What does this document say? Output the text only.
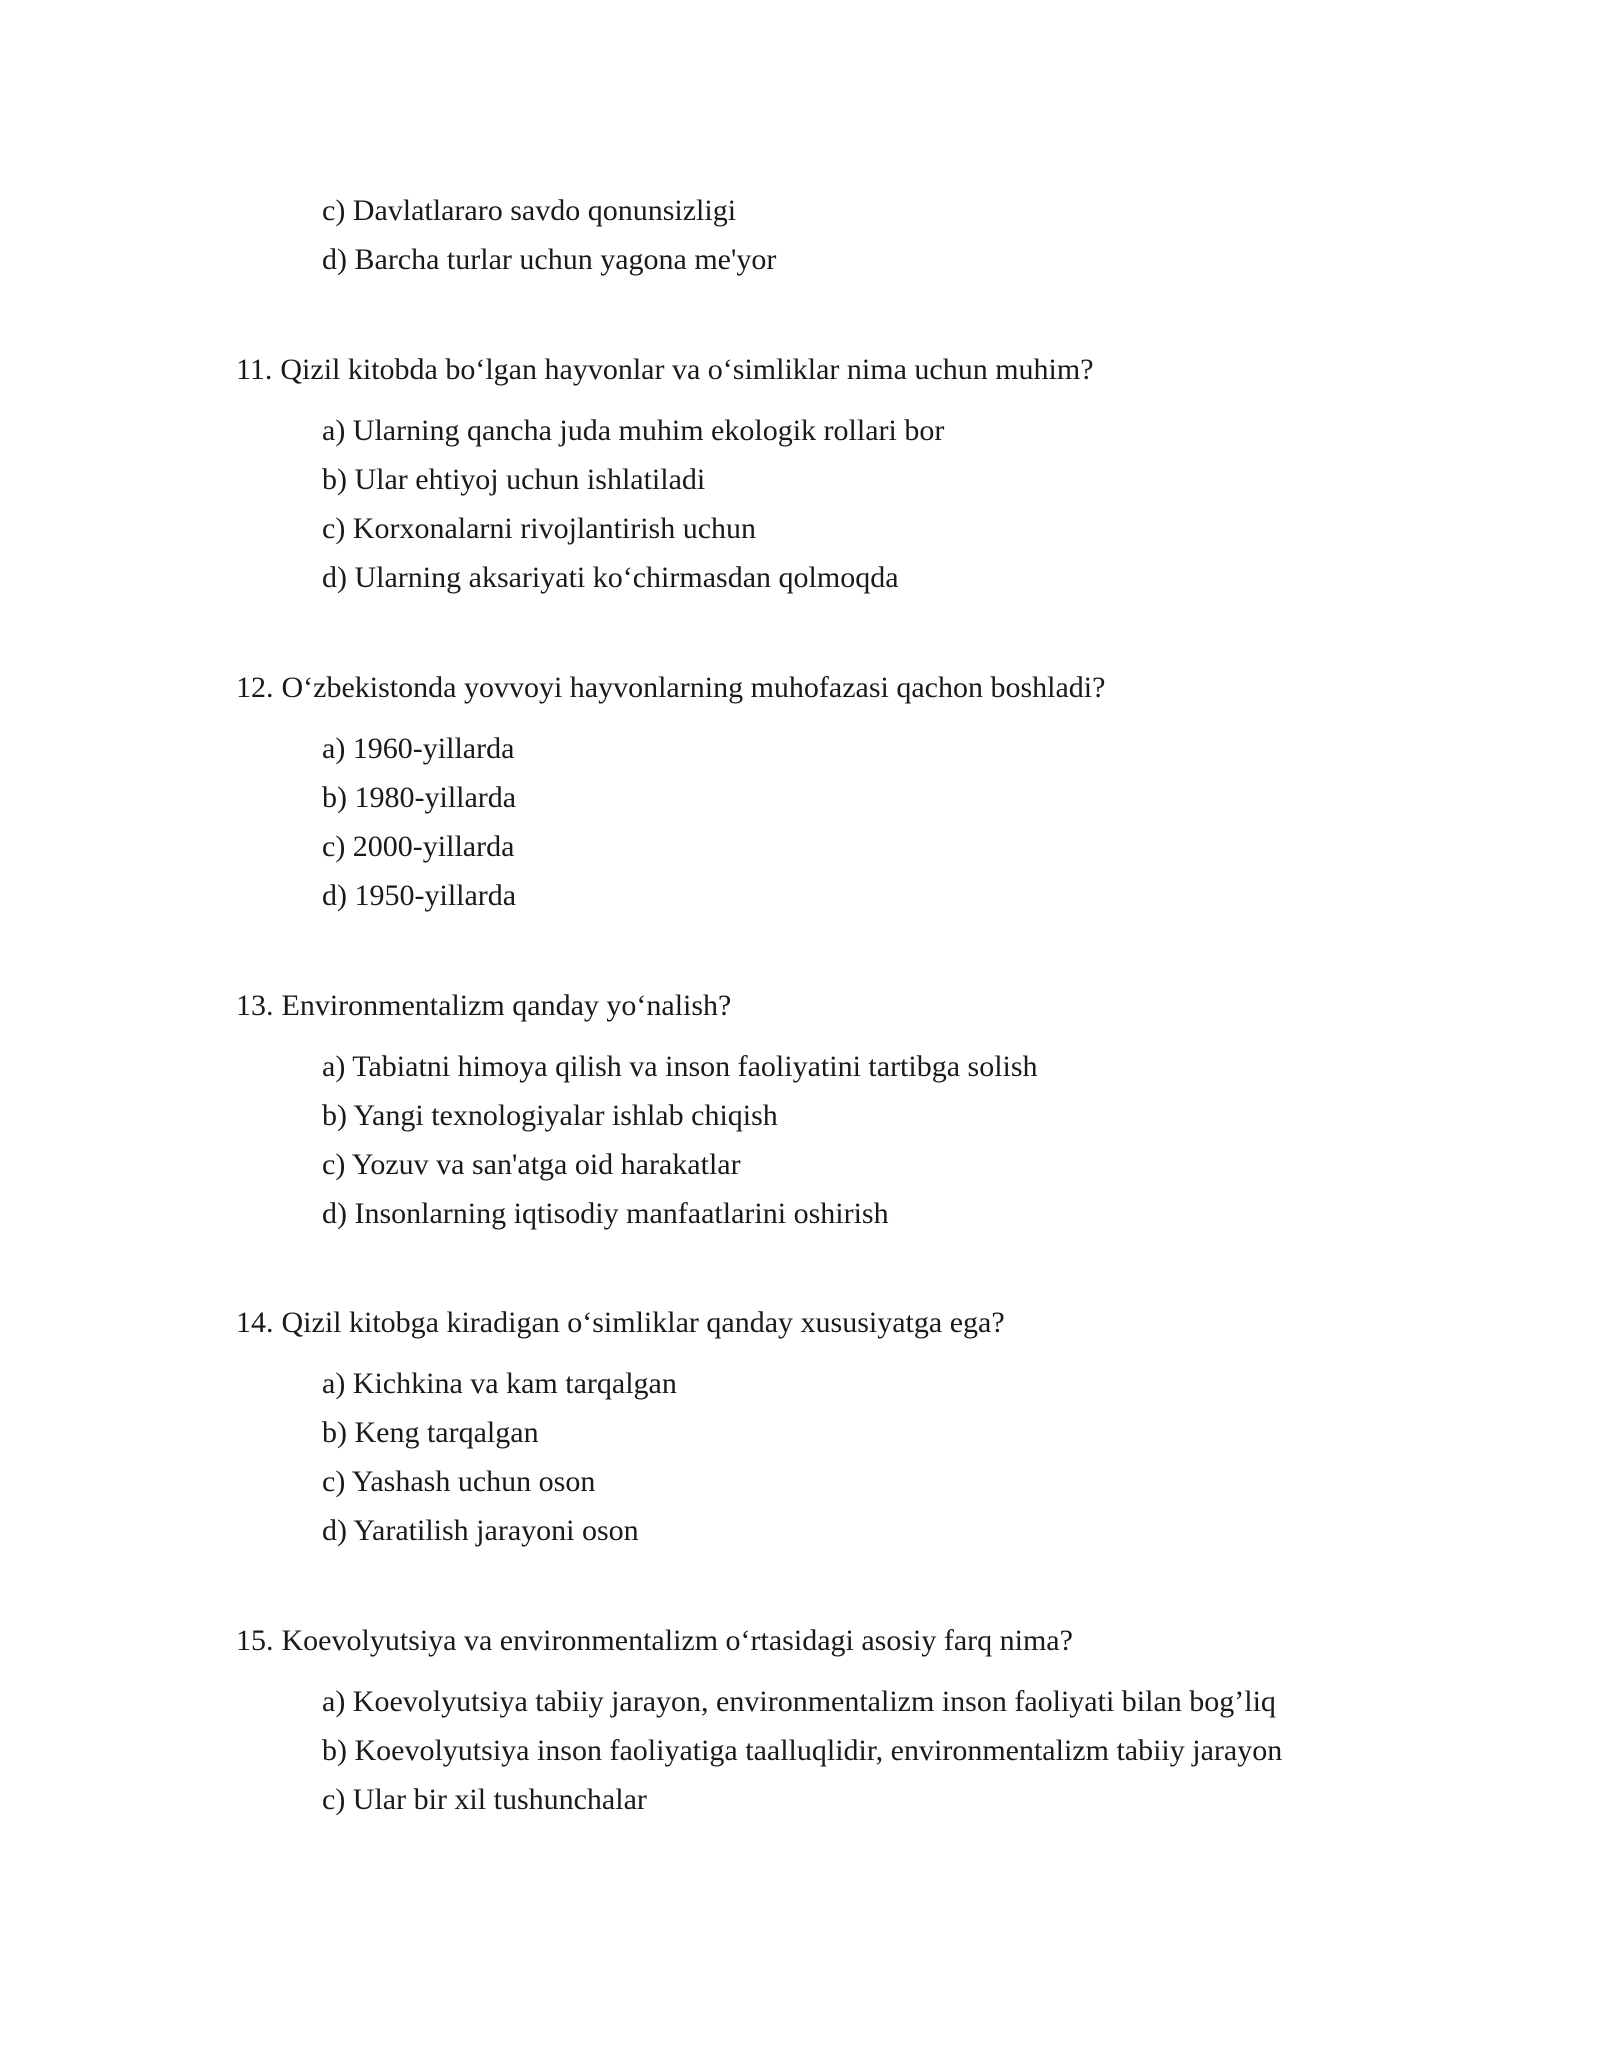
c) Davlatlararo savdo qonunsizligi
d) Barcha turlar uchun yagona me'yor
11. Qizil kitobda bo‘lgan hayvonlar va o‘simliklar nima uchun muhim?
a) Ularning qancha juda muhim ekologik rollari bor
b) Ular ehtiyoj uchun ishlatiladi
c) Korxonalarni rivojlantirish uchun
d) Ularning aksariyati ko‘chirmasdan qolmoqda
12. O‘zbekistonda yovvoyi hayvonlarning muhofazasi qachon boshladi?
a) 1960-yillarda
b) 1980-yillarda
c) 2000-yillarda
d) 1950-yillarda
13. Environmentalizm qanday yo‘nalish?
a) Tabiatni himoya qilish va inson faoliyatini tartibga solish
b) Yangi texnologiyalar ishlab chiqish
c) Yozuv va san'atga oid harakatlar
d) Insonlarning iqtisodiy manfaatlarini oshirish
14. Qizil kitobga kiradigan o‘simliklar qanday xususiyatga ega?
a) Kichkina va kam tarqalgan
b) Keng tarqalgan
c) Yashash uchun oson
d) Yaratilish jarayoni oson
15. Koevolyutsiya va environmentalizm o‘rtasidagi asosiy farq nima?
a) Koevolyutsiya tabiiy jarayon, environmentalizm inson faoliyati bilan bog’liq
b) Koevolyutsiya inson faoliyatiga taalluqlidir, environmentalizm tabiiy jarayon
c) Ular bir xil tushunchalar
